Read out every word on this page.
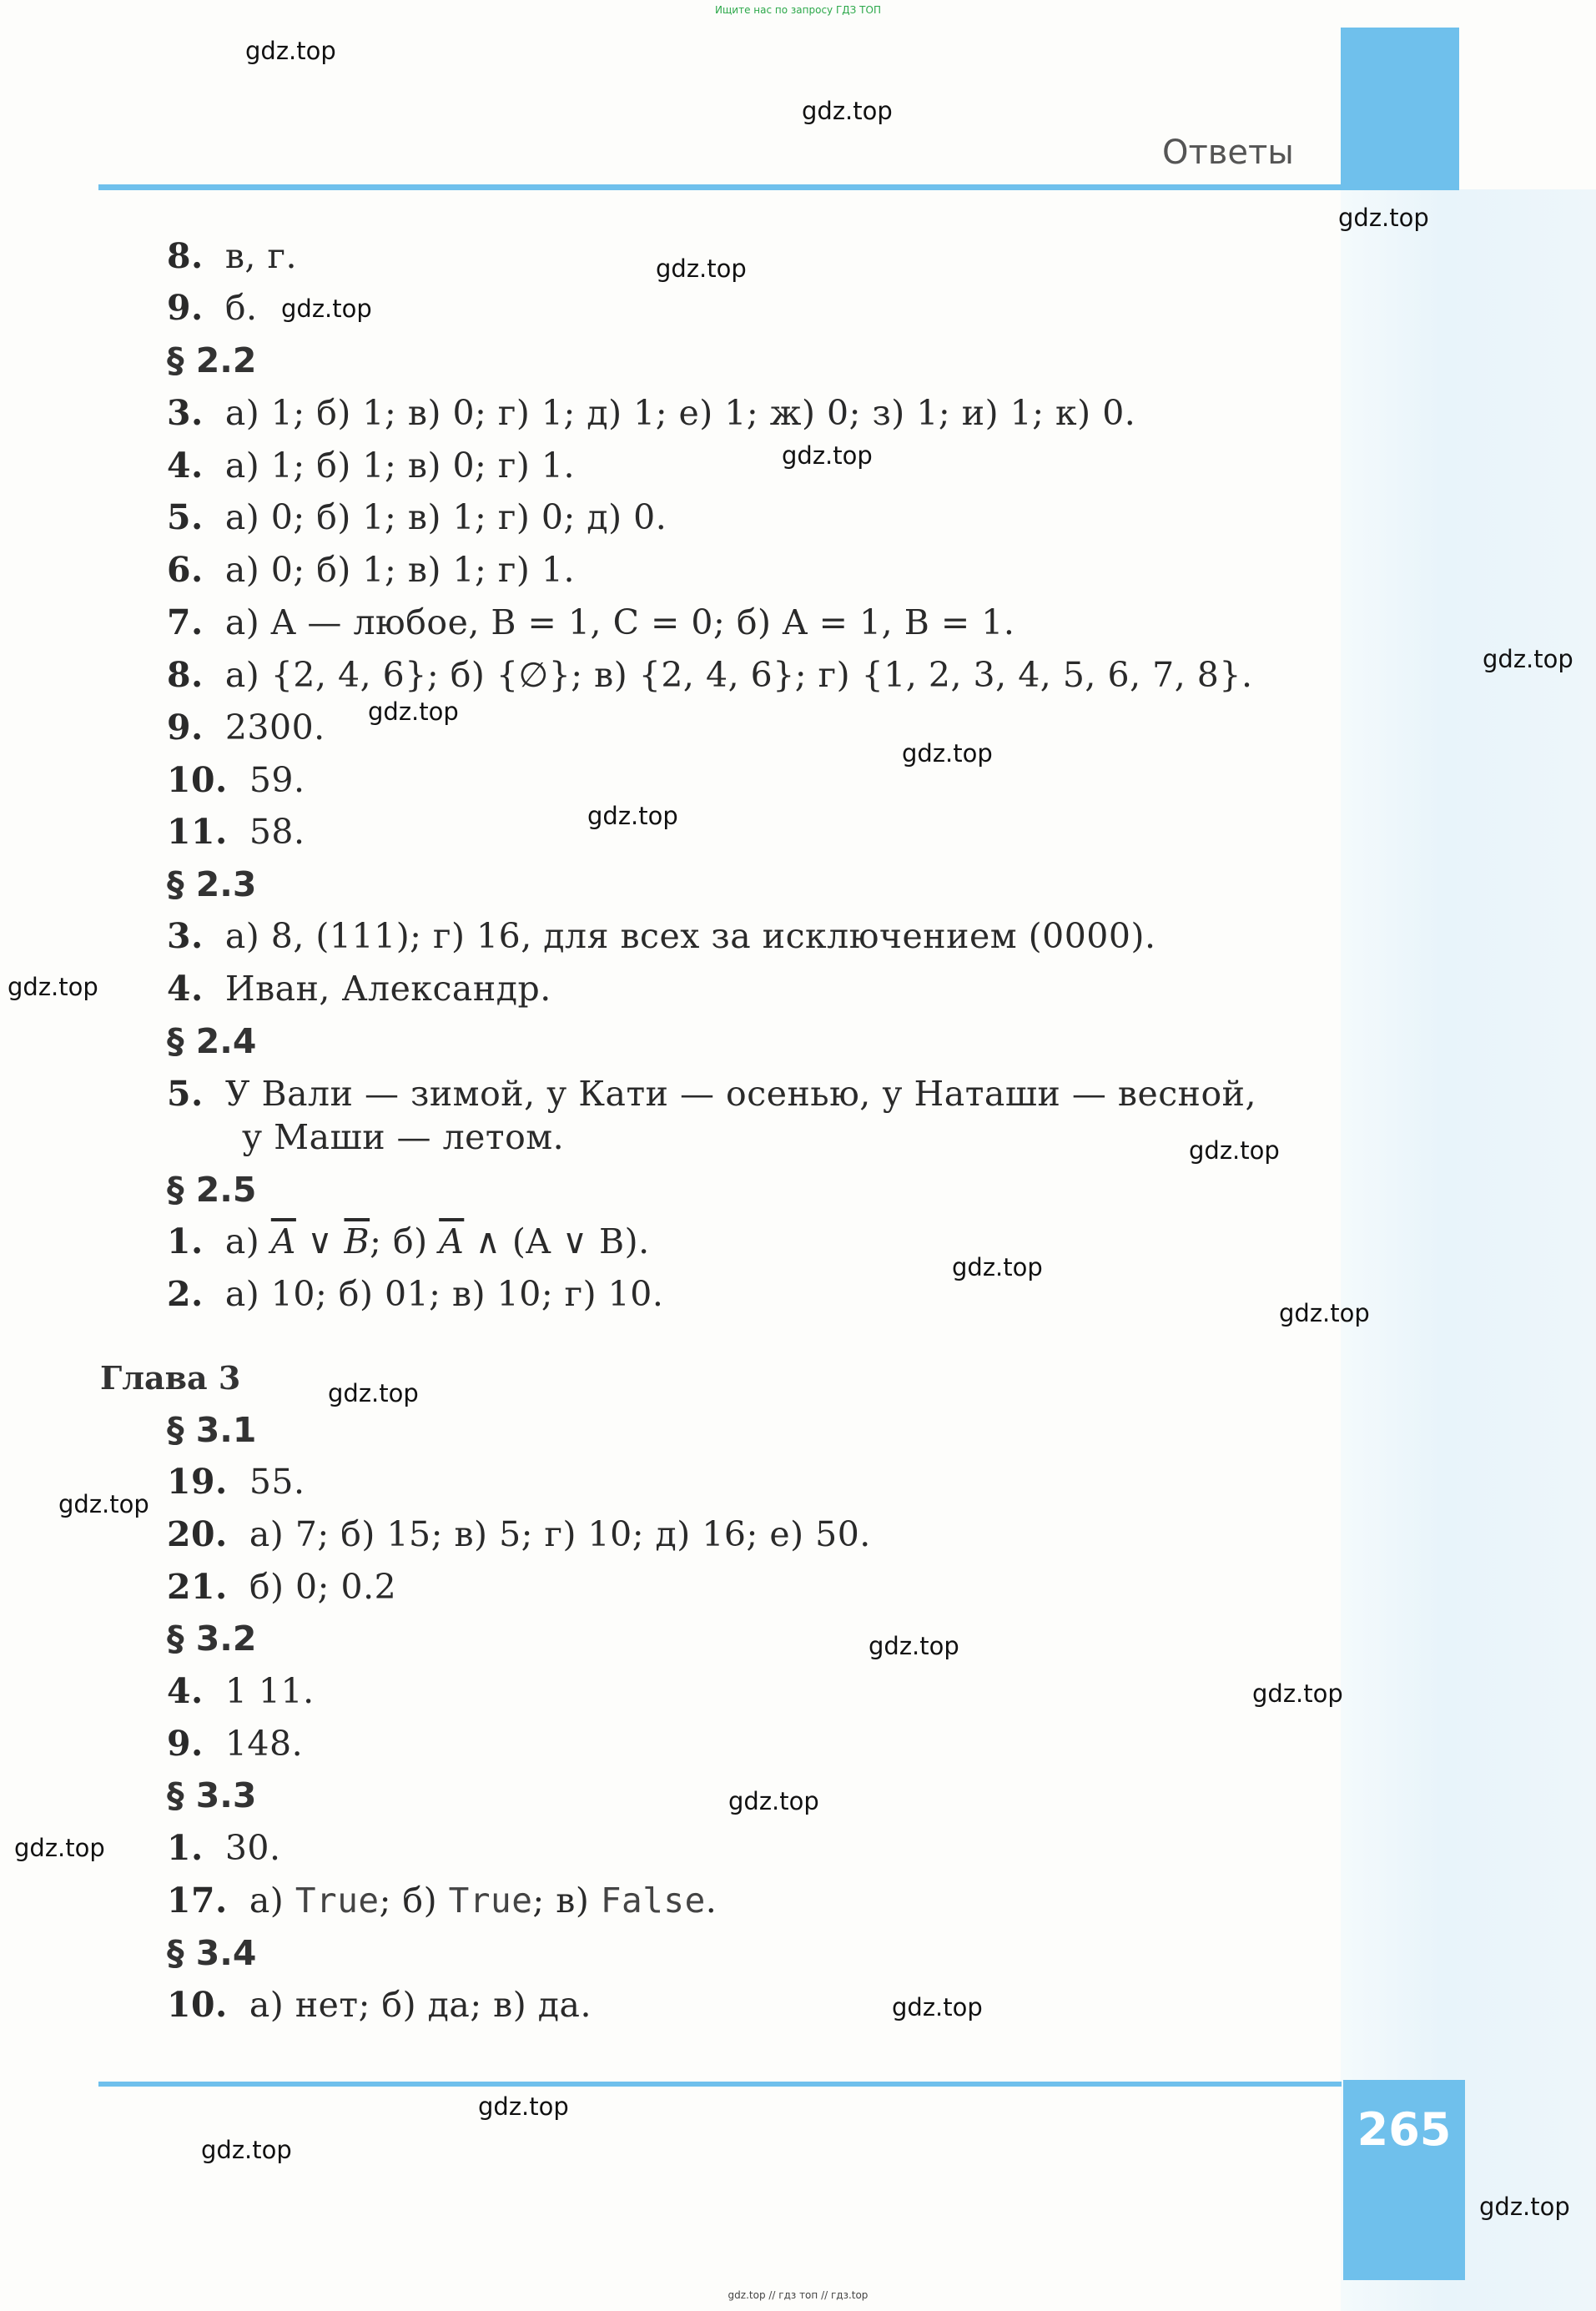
Ищите нас по запросу ГДЗ ТОП
Ответы
8. в, г.
9. б.
§ 2.2
3. а) 1; б) 1; в) 0; г) 1; д) 1; е) 1; ж) 0; з) 1; и) 1; к) 0.
4. а) 1; б) 1; в) 0; г) 1.
5. а) 0; б) 1; в) 1; г) 0; д) 0.
6. а) 0; б) 1; в) 1; г) 1.
7. а) A — любое, B = 1, C = 0; б) A = 1, B = 1.
8. а) {2, 4, 6}; б) {∅}; в) {2, 4, 6}; г) {1, 2, 3, 4, 5, 6, 7, 8}.
9. 2300.
10. 59.
11. 58.
§ 2.3
3. а) 8, (111); г) 16, для всех за исключением (0000).
4. Иван, Александр.
§ 2.4
5. У Вали — зимой, у Кати — осенью, у Наташи — весной,
у Маши — летом.
§ 2.5
1. а) $\overline{A}$ ∨ $\overline{B}$; б) $\overline{A}$ ∧ (A ∨ B).
2. а) 10; б) 01; в) 10; г) 10.
Глава 3
§ 3.1
19. 55.
20. а) 7; б) 15; в) 5; г) 10; д) 16; е) 50.
21. б) 0; 0.2
§ 3.2
4. 1 11.
9. 148.
§ 3.3
1. 30.
17. а) True; б) True; в) False.
§ 3.4
10. а) нет; б) да; в) да.
265
gdz.top // гдз топ // гдз.top
gdz.top
gdz.top
gdz.top
gdz.top
gdz.top
gdz.top
gdz.top
gdz.top
gdz.top
gdz.top
gdz.top
gdz.top
gdz.top
gdz.top
gdz.top
gdz.top
gdz.top
gdz.top
gdz.top
gdz.top
gdz.top
gdz.top
gdz.top
gdz.top
